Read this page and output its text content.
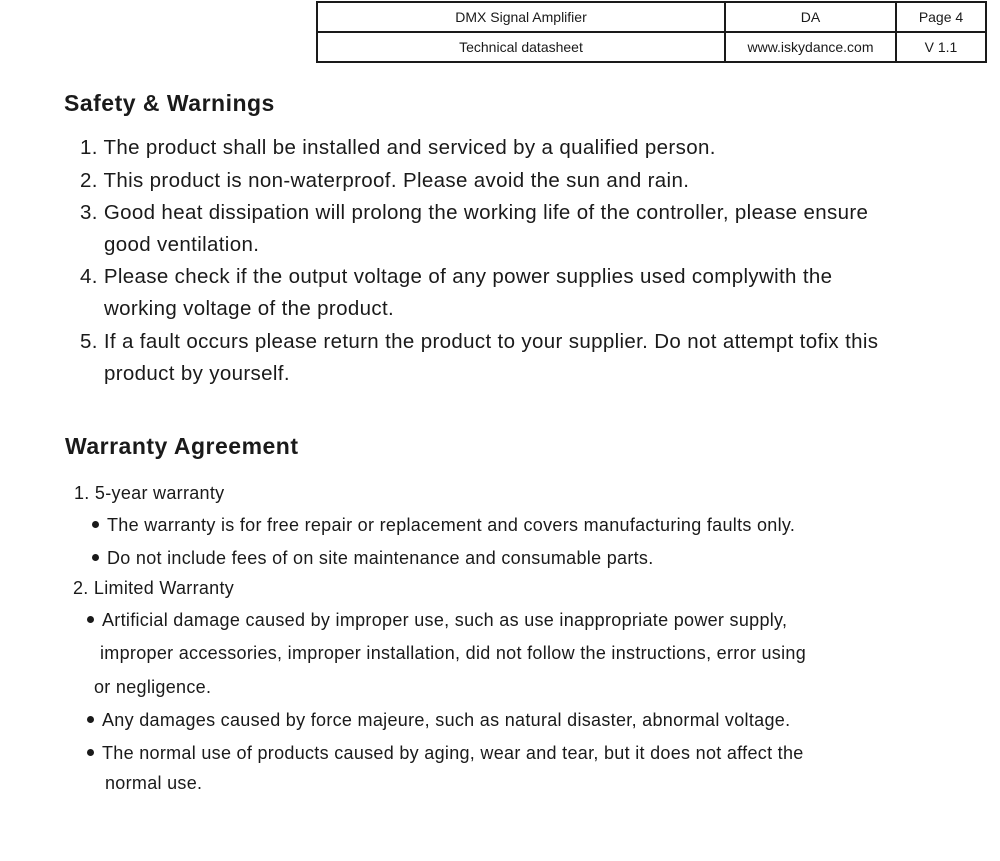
DMX Signal Amplifier	DA	Page 4
Technical datasheet	www.iskydance.com	V 1.1
Safety & Warnings
1. The product shall be installed and serviced by a qualified person.
2. This product is non-waterproof. Please avoid the sun and rain.
3. Good heat dissipation will prolong the working life of the controller, please ensure
good ventilation.
4. Please check if the output voltage of any power supplies used complywith the
working voltage of the product.
5. If a fault occurs please return the product to your supplier. Do not attempt tofix this
product by yourself.
Warranty Agreement
1. 5-year warranty
The warranty is for free repair or replacement and covers manufacturing faults only.
Do not include fees of on site maintenance and consumable parts.
2. Limited Warranty
Artificial damage caused by improper use, such as use inappropriate power supply,
improper accessories, improper installation, did not follow the instructions, error using
or negligence.
Any damages caused by force majeure, such as natural disaster, abnormal voltage.
The normal use of products caused by aging, wear and tear, but it does not affect the
normal use.
